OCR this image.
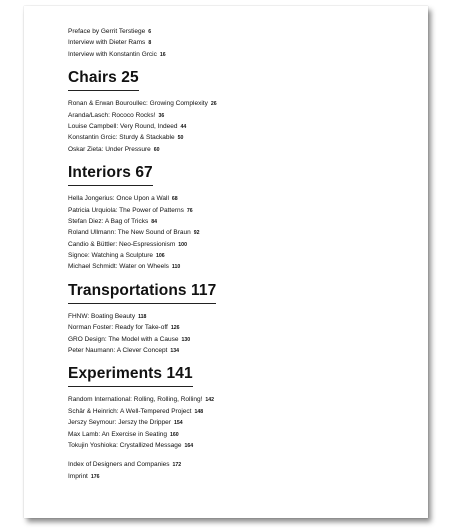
Preface by Gerrit Terstiege 6
Interview with Dieter Rams 8
Interview with Konstantin Grcic 16
Chairs 25
Ronan & Erwan Bouroullec: Growing Complexity 26
Aranda/Lasch: Rococo Rocks! 36
Louise Campbell: Very Round, Indeed 44
Konstantin Grcic: Sturdy & Stackable 50
Oskar Zieta: Under Pressure 60
Interiors 67
Hella Jongerius: Once Upon a Wall 68
Patricia Urquiola: The Power of Patterns 76
Stefan Diez: A Bag of Tricks 84
Roland Ullmann: The New Sound of Braun 92
Candio & Büttler: Neo-Espressionism 100
Signce: Watching a Sculpture 106
Michael Schmidt: Water on Wheels 110
Transportations 117
FHNW: Boating Beauty 118
Norman Foster: Ready for Take-off 126
GRO Design: The Model with a Cause 130
Peter Naumann: A Clever Concept 134
Experiments 141
Random International: Rolling, Rolling, Rolling! 142
Schär & Heinrich: A Well-Tempered Project 148
Jerszy Seymour: Jerszy the Dripper 154
Max Lamb: An Exercise in Seating 160
Tokujin Yoshioka: Crystallized Message 164
Index of Designers and Companies 172
Imprint 176
